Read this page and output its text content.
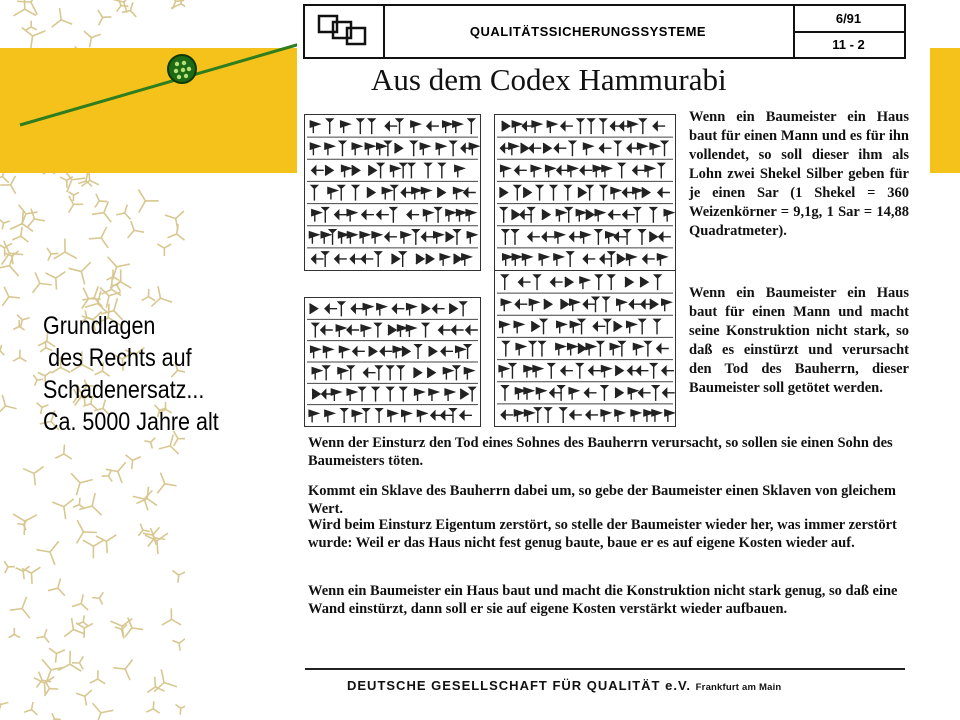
Grundlagen
des Rechts auf
Schadenersatz...
Ca. 5000 Jahre alt
QUALITÄTSSICHERUNGSSYSTEME
6/91
11 - 2
Aus dem Codex Hammurabi
Wenn ein Baumeister ein Haus baut für einen Mann und es für ihn vollendet, so soll dieser ihm als Lohn zwei Shekel Silber geben für je einen Sar (1 Shekel = 360 Weizenkörner = 9,1g, 1 Sar = 14,88 Quadratmeter).
Wenn ein Baumeister ein Haus baut für einen Mann und macht seine Konstruktion nicht stark, so daß es einstürzt und verursacht den Tod des Bauherrn, dieser Baumeister soll getötet werden.
Wenn der Einsturz den Tod eines Sohnes des Bauherrn verursacht, so sollen sie einen Sohn des Baumeisters töten.
Kommt ein Sklave des Bauherrn dabei um, so gebe der Baumeister einen Sklaven von gleichem Wert.
Wird beim Einsturz Eigentum zerstört, so stelle der Baumeister wieder her, was immer zerstört wurde: Weil er das Haus nicht fest genug baute, baue er es auf eigene Kosten wieder auf.
Wenn ein Baumeister ein Haus baut und macht die Konstruktion nicht stark genug, so daß eine Wand einstürzt, dann soll er sie auf eigene Kosten verstärkt wieder aufbauen.
DEUTSCHE GESELLSCHAFT FÜR QUALITÄT e.V. Frankfurt am Main
